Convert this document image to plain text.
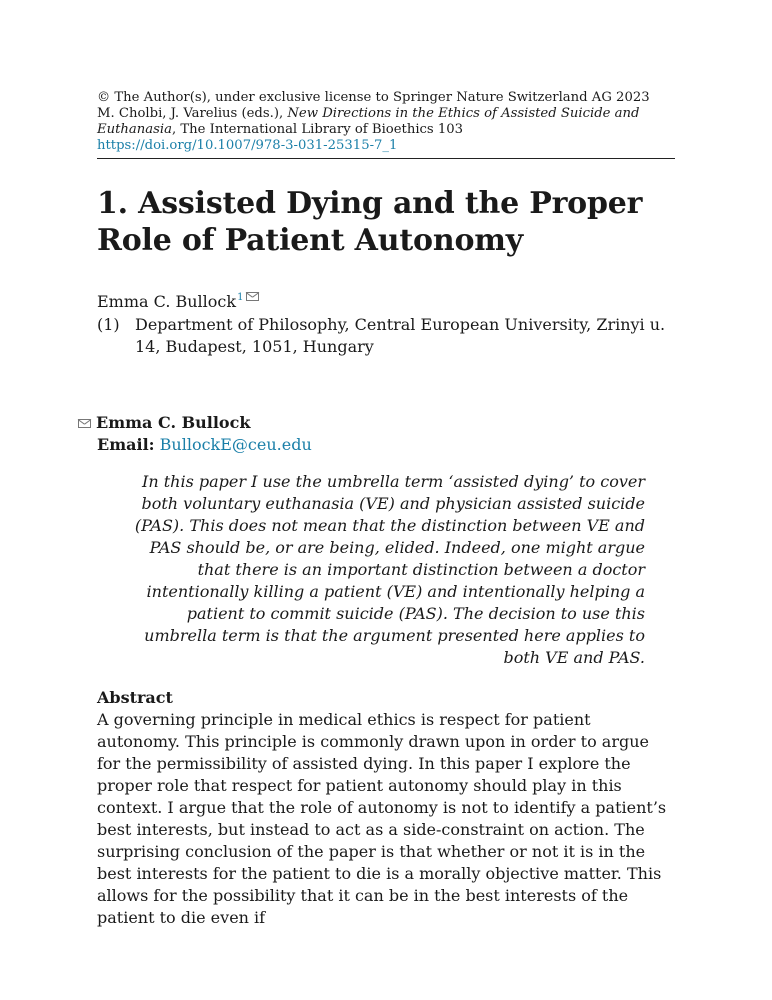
© The Author(s), under exclusive license to Springer Nature Switzerland AG 2023
M. Cholbi, J. Varelius (eds.), New Directions in the Ethics of Assisted Suicide and Euthanasia, The International Library of Bioethics 103
https://doi.org/10.1007/978-3-031-25315-7_1
1. Assisted Dying and the Proper Role of Patient Autonomy
Emma C. Bullock$^1$
(1) Department of Philosophy, Central European University, Zrinyi u. 14, Budapest, 1051, Hungary
Emma C. Bullock
Email: BullockE@ceu.edu

In this paper I use the umbrella term ‘assisted dying’ to cover both voluntary euthanasia (VE) and physician assisted suicide (PAS). This does not mean that the distinction between VE and PAS should be, or are being, elided. Indeed, one might argue that there is an important distinction between a doctor intentionally killing a patient (VE) and intentionally helping a patient to commit suicide (PAS). The decision to use this umbrella term is that the argument presented here applies to both VE and PAS.

Abstract

A governing principle in medical ethics is respect for patient autonomy. This principle is commonly drawn upon in order to argue for the permissibility of assisted dying. In this paper I explore the proper role that respect for patient autonomy should play in this context. I argue that the role of autonomy is not to identify a patient’s best interests, but instead to act as a side-constraint on action. The surprising conclusion of the paper is that whether or not it is in the best interests for the patient to die is a morally objective matter. This allows for the possibility that it can be in the best interests of the patient to die even if
